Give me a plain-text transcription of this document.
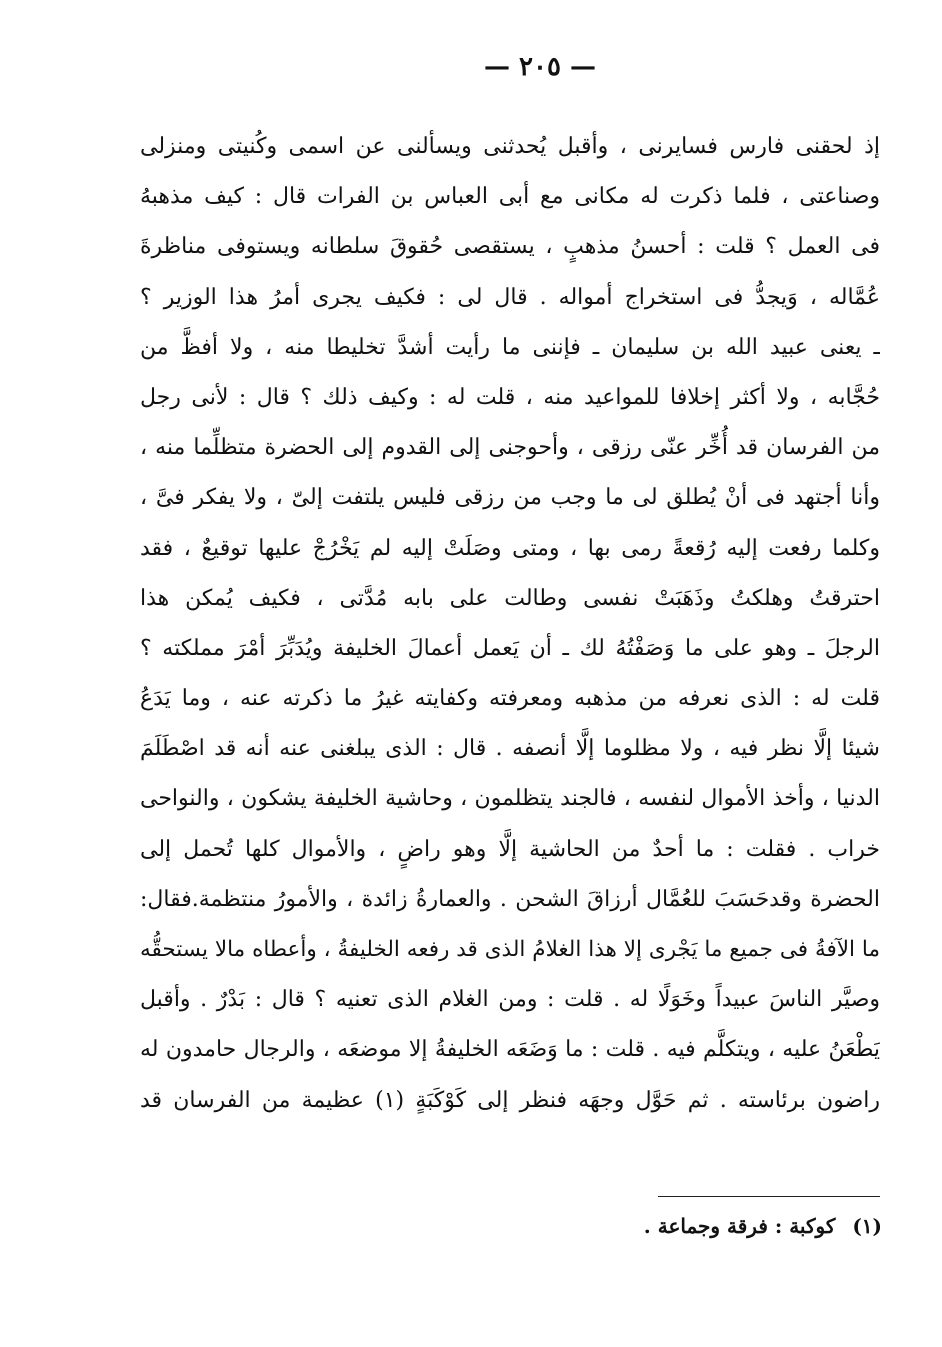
— ٢٠٥ —
إذ لحقنى فارس فسايرنى ، وأقبل يُحدثنى ويسألنى عن اسمى وكُنيتى ومنزلى
وصناعتى ، فلما ذكرت له مكانى مع أبى العباس بن الفرات قال : كيف مذهبهُ
فى العمل ؟ قلت : أحسنُ مذهبٍ ، يستقصى حُقوقَ سلطانه ويستوفى مناظرةَ
عُمَّاله ، وَيجدُّ فى استخراج أمواله . قال لى : فكيف يجرى أمرُ هذا الوزير ؟
ـ يعنى عبيد الله بن سليمان ـ فإننى ما رأيت أشدَّ تخليطا منه ، ولا أفظَّ من
حُجَّابه ، ولا أكثر إخلافا للمواعيد منه ، قلت له : وكيف ذلك ؟ قال : لأنى رجل
من الفرسان قد أُخِّر عنّى رزقى ، وأحوجنى إلى القدوم إلى الحضرة متظلِّما منه ،
وأنا أجتهد فى أنْ يُطلق لى ما وجب من رزقى فليس يلتفت إلىّ ، ولا يفكر فىَّ ،
وكلما رفعت إليه رُقعةً رمى بها ، ومتى وصَلَتْ إليه لم يَخْرُجْ عليها توقيعٌ ، فقد
احترقتُ وهلكتُ وذَهَبَتْ نفسى وطالت على بابه مُدَّتى ، فكيف يُمكن هذا
الرجلَ ـ وهو على ما وَصَفْتُهُ لك ـ أن يَعمل أعمالَ الخليفة ويُدَبِّرَ أمْرَ مملكته ؟
قلت له : الذى نعرفه من مذهبه ومعرفته وكفايته غيرُ ما ذكرته عنه ، وما يَدَعُ
شيئا إلَّا نظر فيه ، ولا مظلوما إلَّا أنصفه . قال : الذى يبلغنى عنه أنه قد اصْطَلَمَ
الدنيا ، وأخذ الأموال لنفسه ، فالجند يتظلمون ، وحاشية الخليفة يشكون ، والنواحى
خراب . فقلت : ما أحدٌ من الحاشية إلَّا وهو راضٍ ، والأموال كلها تُحمل إلى
الحضرة وقدحَسَبَ للعُمَّال أرزاقَ الشحن . والعمارةُ زائدة ، والأمورُ منتظمة.فقال:
ما الآفةُ فى جميع ما يَجْرى إلا هذا الغلامُ الذى قد رفعه الخليفةُ ، وأعطاه مالا يستحقُّه
وصيَّر الناسَ عبيداً وخَوَلًا له . قلت : ومن الغلام الذى تعنيه ؟ قال : بَدْرٌ . وأقبل
يَطْعَنُ عليه ، ويتكلَّم فيه . قلت : ما وَضَعَه الخليفةُ إلا موضعَه ، والرجال حامدون له
راضون برئاسته . ثم حَوَّل وجهَه فنظر إلى كَوْكَبَةٍ (١) عظيمة من الفرسان قد
(١) كوكبة : فرقة وجماعة .
